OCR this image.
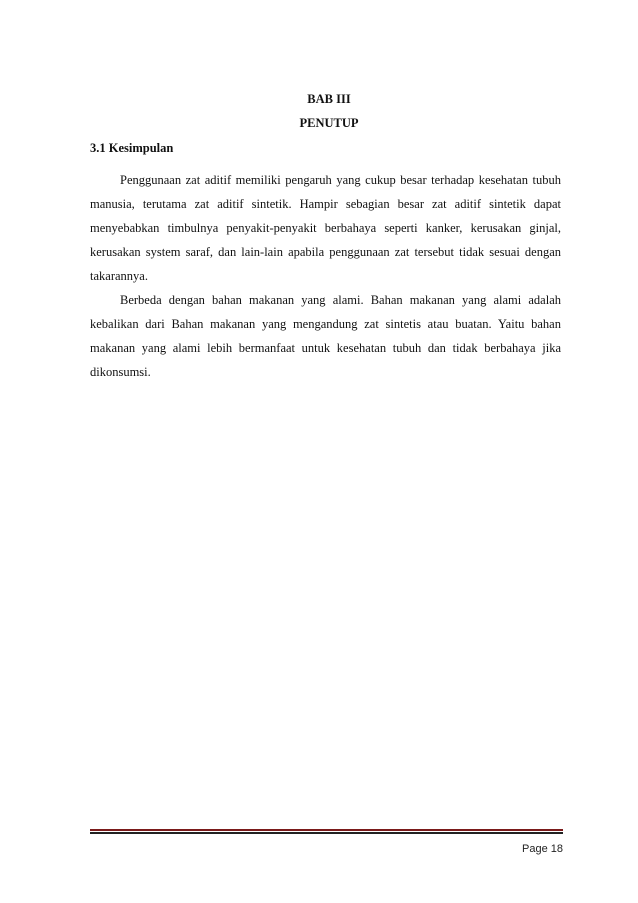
BAB III
PENUTUP
3.1 Kesimpulan

Penggunaan zat aditif memiliki pengaruh yang cukup besar terhadap kesehatan tubuh manusia, terutama zat aditif sintetik. Hampir sebagian besar zat aditif sintetik dapat menyebabkan timbulnya penyakit-penyakit berbahaya seperti kanker, kerusakan ginjal, kerusakan system saraf, dan lain-lain apabila penggunaan zat tersebut tidak sesuai dengan takarannya.

Berbeda dengan bahan makanan yang alami. Bahan makanan yang alami adalah kebalikan dari Bahan makanan yang mengandung zat sintetis atau buatan. Yaitu bahan makanan yang alami lebih bermanfaat untuk kesehatan tubuh dan tidak berbahaya jika dikonsumsi.

Page 18
